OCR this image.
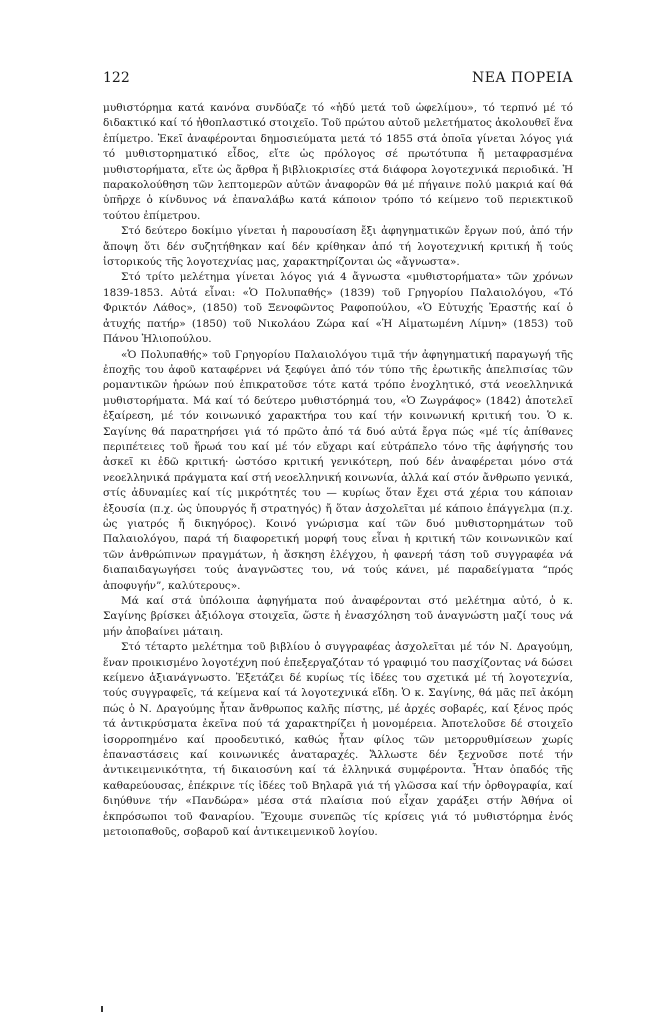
122	ΝΕΑ ΠΟΡΕΙΑ

μυθιστόρημα κατά κανόνα συνδύαζε τό «ἡδύ μετά τοῦ ὠφελίμου», τό τερπνό μέ τό διδακτικό καί τό ἠθοπλαστικό στοιχεῖο. Τοῦ πρώτου αὐτοῦ μελετήματος ἀκολουθεῖ ἕνα ἐπίμετρο. Ἐκεῖ ἀναφέρονται δημοσιεύματα μετά τό 1855 στά ὁποῖα γίνεται λόγος γιά τό μυθιστορηματικό εἶδος, εἴτε ὡς πρόλογος σέ πρωτότυπα ἤ μεταφρασμένα μυθιστορήματα, εἴτε ὡς ἄρθρα ἤ βιβλιοκρισίες στά διάφορα λογοτεχνικά περιοδικά. Ἡ παρακολούθηση τῶν λεπτομερῶν αὐτῶν ἀναφορῶν θά μέ πήγαινε πολύ μακριά καί θά ὑπῆρχε ὁ κίνδυνος νά ἐπαναλάβω κατά κάποιον τρόπο τό κείμενο τοῦ περιεκτικοῦ τούτου ἐπίμετρου.

Στό δεύτερο δοκίμιο γίνεται ἡ παρουσίαση ἔξι ἀφηγηματικῶν ἔργων πού, ἀπό τήν ἄποψη ὅτι δέν συζητήθηκαν καί δέν κρίθηκαν ἀπό τή λογοτεχνική κριτική ἤ τούς ἱστορικούς τῆς λογοτεχνίας μας, χαρακτηρίζονται ὡς «ἄγνωστα».

Στό τρίτο μελέτημα γίνεται λόγος γιά 4 ἄγνωστα «μυθιστορήματα» τῶν χρόνων 1839-1853. Αὐτά εἶναι: «Ὁ Πολυπαθής» (1839) τοῦ Γρηγορίου Παλαιολόγου, «Τό Φρικτόν Λάθος», (1850) τοῦ Ξενοφῶντος Ραφοπούλου, «Ὁ Εὐτυχής Ἐραστής καί ὁ ἀτυχής πατήρ» (1850) τοῦ Νικολάου Ζώρα καί «Ἡ Αἱματωμένη Λίμνη» (1853) τοῦ Πάνου Ἠλιοπούλου.

«Ὁ Πολυπαθής» τοῦ Γρηγορίου Παλαιολόγου τιμᾶ τήν ἀφηγηματική παραγωγή τῆς ἐποχῆς του ἀφοῦ καταφέρνει νά ξεφύγει ἀπό τόν τύπο τῆς ἐρωτικῆς ἀπελπισίας τῶν ρομαντικῶν ἡρώων πού ἐπικρατοῦσε τότε κατά τρόπο ἐνοχλητικό, στά νεοελληνικά μυθιστορήματα. Μά καί τό δεύτερο μυθιστόρημά του, «Ὁ Ζωγράφος» (1842) ἀποτελεῖ ἐξαίρεση, μέ τόν κοινωνικό χαρακτήρα του καί τήν κοινωνική κριτική του. Ὁ κ. Σαγίνης θά παρατηρήσει γιά τό πρῶτο ἀπό τά δυό αὐτά ἔργα πώς «μέ τίς ἀπίθανες περιπέτειες τοῦ ἥρωά του καί μέ τόν εὔχαρι καί εὐτράπελο τόνο τῆς ἀφήγησής του ἀσκεῖ κι ἐδῶ κριτική· ὡστόσο κριτική γενικότερη, πού δέν ἀναφέρεται μόνο στά νεοελληνικά πράγματα καί στή νεοελληνική κοινωνία, ἀλλά καί στόν ἄνθρωπο γενικά, στίς ἀδυναμίες καί τίς μικρότητές του — κυρίως ὅταν ἔχει στά χέρια του κάποιαν ἐξουσία (π.χ. ὡς ὑπουργός ἤ στρατηγός) ἤ ὅταν ἀσχολεῖται μέ κάποιο ἐπάγγελμα (π.χ. ὡς γιατρός ἤ δικηγόρος). Κοινό γνώρισμα καί τῶν δυό μυθιστορημάτων τοῦ Παλαιολόγου, παρά τή διαφορετική μορφή τους εἶναι ἡ κριτική τῶν κοινωνικῶν καί τῶν ἀνθρώπινων πραγμάτων, ἡ ἄσκηση ἐλέγχου, ἡ φανερή τάση τοῦ συγγραφέα νά διαπαιδαγωγήσει τούς ἀναγνῶστες του, νά τούς κάνει, μέ παραδείγματα “πρός ἀποφυγήν”, καλύτερους».

Μά καί στά ὑπόλοιπα ἀφηγήματα πού ἀναφέρονται στό μελέτημα αὐτό, ὁ κ. Σαγίνης βρίσκει ἀξιόλογα στοιχεῖα, ὥστε ἡ ἐνασχόληση τοῦ ἀναγνώστη μαζί τους νά μήν ἀποβαίνει μάταιη.

Στό τέταρτο μελέτημα τοῦ βιβλίου ὁ συγγραφέας ἀσχολεῖται μέ τόν Ν. Δραγούμη, ἕναν προικισμένο λογοτέχνη πού ἐπεξεργαζόταν τό γραφιμό του πασχίζοντας νά δώσει κείμενο ἀξιανάγνωστο. Ἐξετάζει δέ κυρίως τίς ἰδέες του σχετικά μέ τή λογοτεχνία, τούς συγγραφεῖς, τά κείμενα καί τά λογοτεχνικά εἴδη. Ὁ κ. Σαγίνης, θά μᾶς πεῖ ἀκόμη πώς ὁ Ν. Δραγούμης ἦταν ἄνθρωπος καλῆς πίστης, μέ ἀρχές σοβαρές, καί ξένος πρός τά ἀντικρύσματα ἐκεῖνα πού τά χαρακτηρίζει ἡ μονομέρεια. Ἀποτελοῦσε δέ στοιχεῖο ἰσορροπημένο καί προοδευτικό, καθώς ἦταν φίλος τῶν μετορρυθμίσεων χωρίς ἐπαναστάσεις καί κοινωνικές ἀναταραχές. Ἄλλωστε δέν ξεχνοῦσε ποτέ τήν ἀντικειμενικότητα, τή δικαιοσύνη καί τά ἑλληνικά συμφέροντα. Ἦταν ὀπαδός τῆς καθαρεύουσας, ἐπέκρινε τίς ἰδέες τοῦ Βηλαρᾶ γιά τή γλῶσσα καί τήν ὀρθογραφία, καί διηύθυνε τήν «Πανδώρα» μέσα στά πλαίσια πού εἶχαν χαράξει στήν Ἀθήνα οἱ ἐκπρόσωποι τοῦ Φαναρίου. Ἔχουμε συνεπῶς τίς κρίσεις γιά τό μυθιστόρημα ἑνός μετοιοπαθοῦς, σοβαροῦ καί ἀντικειμενικοῦ λογίου.
